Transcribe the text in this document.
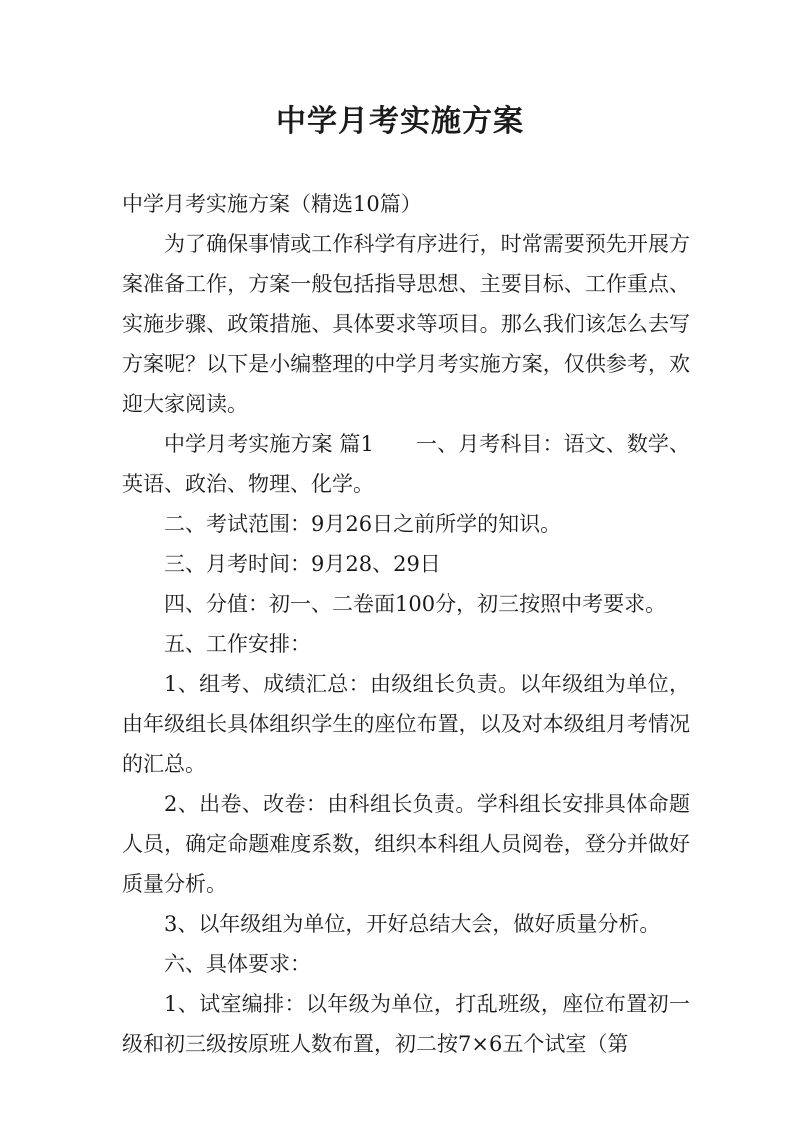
中学月考实施方案

中学月考实施方案（精选10篇）

为了确保事情或工作科学有序进行，时常需要预先开展方案准备工作，方案一般包括指导思想、主要目标、工作重点、实施步骤、政策措施、具体要求等项目。那么我们该怎么去写方案呢？以下是小编整理的中学月考实施方案，仅供参考，欢迎大家阅读。

中学月考实施方案 篇1　　一、月考科目：语文、数学、英语、政治、物理、化学。

二、考试范围：9月26日之前所学的知识。

三、月考时间：9月28、29日

四、分值：初一、二卷面100分，初三按照中考要求。

五、工作安排：

1、组考、成绩汇总：由级组长负责。以年级组为单位，由年级组长具体组织学生的座位布置，以及对本级组月考情况的汇总。

2、出卷、改卷：由科组长负责。学科组长安排具体命题人员，确定命题难度系数，组织本科组人员阅卷，登分并做好质量分析。

3、以年级组为单位，开好总结大会，做好质量分析。

六、具体要求：

1、试室编排：以年级为单位，打乱班级，座位布置初一级和初三级按原班人数布置，初二按7×6五个试室（第
